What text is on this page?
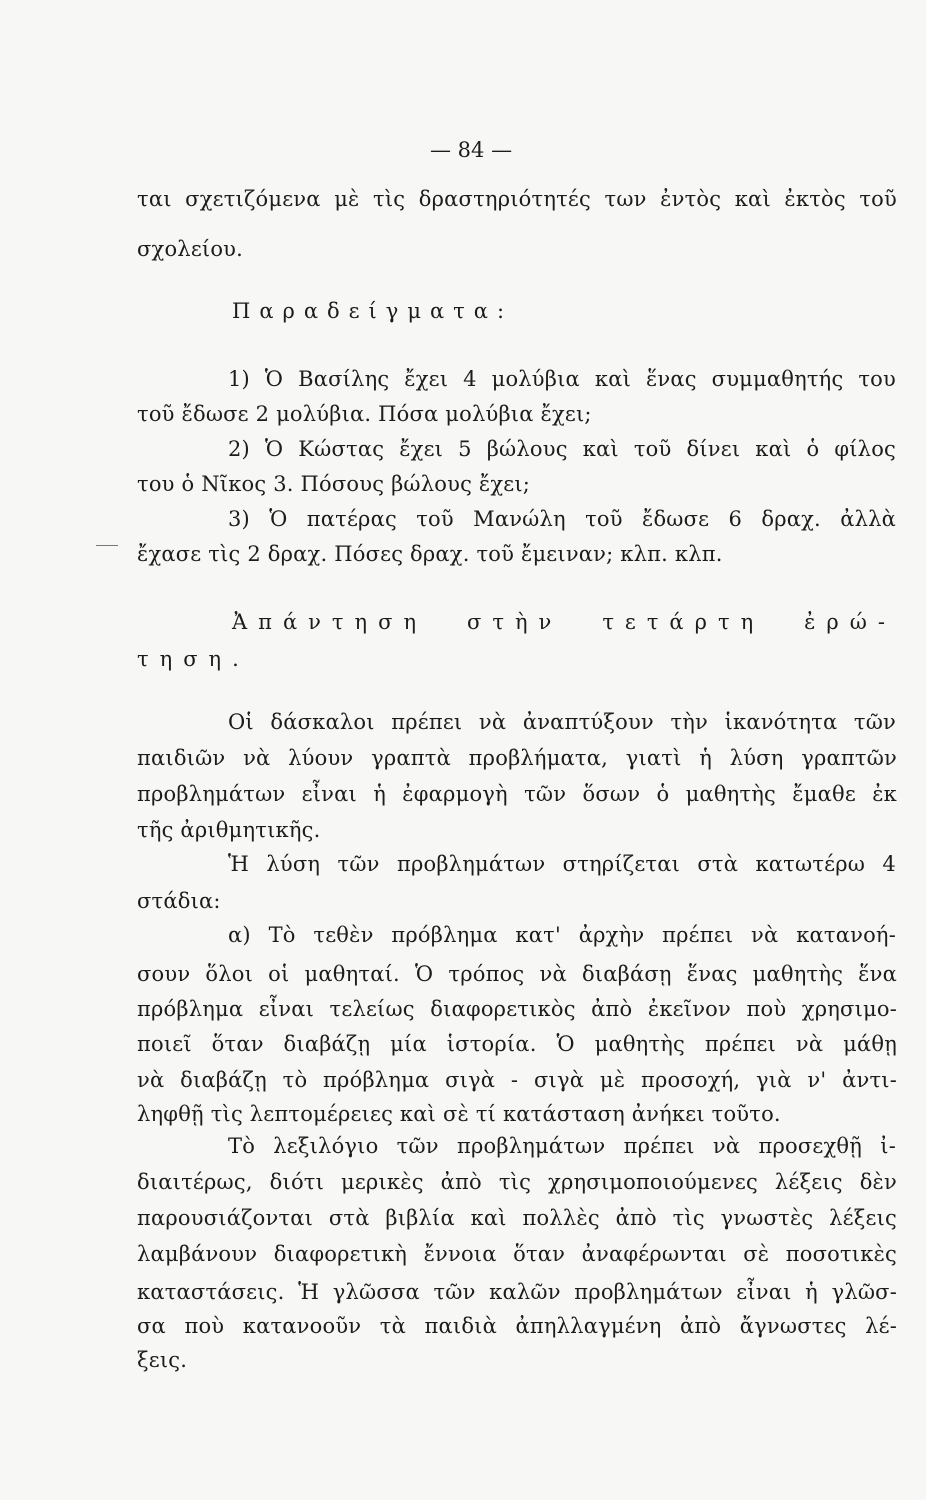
— 84 —
ται σχετιζόμενα μὲ τὶς δραστηριότητές των ἐντὸς καὶ ἐκτὸς τοῦ
σχολείου.
Παραδείγματα:
1) Ὁ Βασίλης ἔχει 4 μολύβια καὶ ἕνας συμμαθητής του
τοῦ ἔδωσε 2 μολύβια. Πόσα μολύβια ἔχει;
2) Ὁ Κώστας ἔχει 5 βώλους καὶ τοῦ δίνει καὶ ὁ φίλος
του ὁ Νῖκος 3. Πόσους βώλους ἔχει;
3) Ὁ πατέρας τοῦ Μανώλη τοῦ ἔδωσε 6 δραχ. ἀλλὰ
ἔχασε τὶς 2 δραχ. Πόσες δραχ. τοῦ ἔμειναν; κλπ. κλπ.
Ἀπάντηση στὴν τετάρτη ἐρώ-
τηση.
Οἱ δάσκαλοι πρέπει νὰ ἀναπτύξουν τὴν ἱκανότητα τῶν
παιδιῶν νὰ λύουν γραπτὰ προβλήματα, γιατὶ ἡ λύση γραπτῶν
προβλημάτων εἶναι ἡ ἐφαρμογὴ τῶν ὅσων ὁ μαθητὴς ἔμαθε ἐκ
τῆς ἀριθμητικῆς.
Ἡ λύση τῶν προβλημάτων στηρίζεται στὰ κατωτέρω 4
στάδια:
α) Τὸ τεθὲν πρόβλημα κατ' ἀρχὴν πρέπει νὰ κατανοή-
σουν ὅλοι οἱ μαθηταί. Ὁ τρόπος νὰ διαβάσῃ ἕνας μαθητὴς ἕνα
πρόβλημα εἶναι τελείως διαφορετικὸς ἀπὸ ἐκεῖνον ποὺ χρησιμο-
ποιεῖ ὅταν διαβάζῃ μία ἱστορία. Ὁ μαθητὴς πρέπει νὰ μάθῃ
νὰ διαβάζῃ τὸ πρόβλημα σιγὰ - σιγὰ μὲ προσοχή, γιὰ ν' ἀντι-
ληφθῇ τὶς λεπτομέρειες καὶ σὲ τί κατάσταση ἀνήκει τοῦτο.
Τὸ λεξιλόγιο τῶν προβλημάτων πρέπει νὰ προσεχθῇ ἰ-
διαιτέρως, διότι μερικὲς ἀπὸ τὶς χρησιμοποιούμενες λέξεις δὲν
παρουσιάζονται στὰ βιβλία καὶ πολλὲς ἀπὸ τὶς γνωστὲς λέξεις
λαμβάνουν διαφορετικὴ ἔννοια ὅταν ἀναφέρωνται σὲ ποσοτικὲς
καταστάσεις. Ἡ γλῶσσα τῶν καλῶν προβλημάτων εἶναι ἡ γλῶσ-
σα ποὺ κατανοοῦν τὰ παιδιὰ ἀπηλλαγμένη ἀπὸ ἄγνωστες λέ-
ξεις.
